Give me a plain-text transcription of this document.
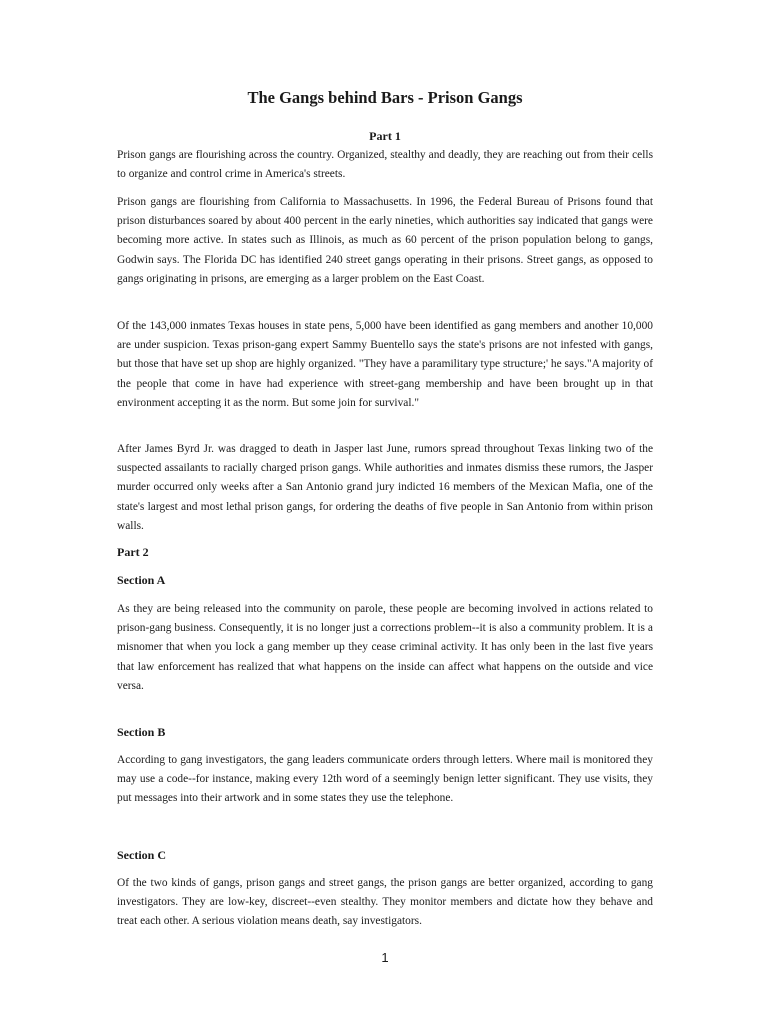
The Gangs behind Bars - Prison Gangs
Part 1

Prison gangs are flourishing across the country. Organized, stealthy and deadly, they are reaching out from their cells to organize and control crime in America's streets.

Prison gangs are flourishing from California to Massachusetts. In 1996, the Federal Bureau of Prisons found that prison disturbances soared by about 400 percent in the early nineties, which authorities say indicated that gangs were becoming more active. In states such as Illinois, as much as 60 percent of the prison population belong to gangs, Godwin says. The Florida DC has identified 240 street gangs operating in their prisons. Street gangs, as opposed to gangs originating in prisons, are emerging as a larger problem on the East Coast.

Of the 143,000 inmates Texas houses in state pens, 5,000 have been identified as gang members and another 10,000 are under suspicion. Texas prison-gang expert Sammy Buentello says the state's prisons are not infested with gangs, but those that have set up shop are highly organized. "They have a paramilitary type structure;' he says."A majority of the people that come in have had experience with street-gang membership and have been brought up in that environment accepting it as the norm. But some join for survival."

After James Byrd Jr. was dragged to death in Jasper last June, rumors spread throughout Texas linking two of the suspected assailants to racially charged prison gangs. While authorities and inmates dismiss these rumors, the Jasper murder occurred only weeks after a San Antonio grand jury indicted 16 members of the Mexican Mafia, one of the state's largest and most lethal prison gangs, for ordering the deaths of five people in San Antonio from within prison walls.

Part 2
Section A

As they are being released into the community on parole, these people are becoming involved in actions related to prison-gang business. Consequently, it is no longer just a corrections problem--it is also a community problem. It is a misnomer that when you lock a gang member up they cease criminal activity. It has only been in the last five years that law enforcement has realized that what happens on the inside can affect what happens on the outside and vice versa.

Section B

According to gang investigators, the gang leaders communicate orders through letters. Where mail is monitored they may use a code--for instance, making every 12th word of a seemingly benign letter significant. They use visits, they put messages into their artwork and in some states they use the telephone.

Section C

Of the two kinds of gangs, prison gangs and street gangs, the prison gangs are better organized, according to gang investigators. They are low-key, discreet--even stealthy. They monitor members and dictate how they behave and treat each other. A serious violation means death, say investigators.

1
